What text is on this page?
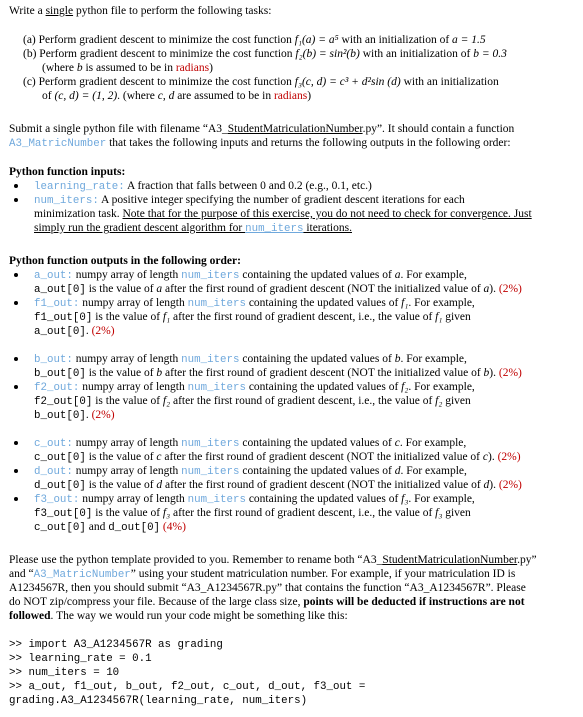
Write a single python file to perform the following tasks:
(a) Perform gradient descent to minimize the cost function f₁(a) = a⁵ with an initialization of a = 1.5
(b) Perform gradient descent to minimize the cost function f₂(b) = sin²(b) with an initialization of b = 0.3
(where b is assumed to be in radians)
(c) Perform gradient descent to minimize the cost function f₃(c, d) = c³ + d²sin (d) with an initialization
of (c, d) = (1, 2). (where c, d are assumed to be in radians)
Submit a single python file with filename “A3_StudentMatriculationNumber.py”. It should contain a function
A3_MatricNumber that takes the following inputs and returns the following outputs in the following order:
Python function inputs:
learning_rate: A fraction that falls between 0 and 0.2 (e.g., 0.1, etc.)
num_iters: A positive integer specifying the number of gradient descent iterations for each
minimization task. Note that for the purpose of this exercise, you do not need to check for convergence. Just
simply run the gradient descent algorithm for num_iters iterations.
Python function outputs in the following order:
a_out: numpy array of length num_iters containing the updated values of a. For example,
a_out[0] is the value of a after the first round of gradient descent (NOT the initialized value of a). (2%)
f1_out: numpy array of length num_iters containing the updated values of f₁. For example,
f1_out[0] is the value of f₁ after the first round of gradient descent, i.e., the value of f₁ given
a_out[0]. (2%)
b_out: numpy array of length num_iters containing the updated values of b. For example,
b_out[0] is the value of b after the first round of gradient descent (NOT the initialized value of b). (2%)
f2_out: numpy array of length num_iters containing the updated values of f₂. For example,
f2_out[0] is the value of f₂ after the first round of gradient descent, i.e., the value of f₂ given
b_out[0]. (2%)
c_out: numpy array of length num_iters containing the updated values of c. For example,
c_out[0] is the value of c after the first round of gradient descent (NOT the initialized value of c). (2%)
d_out: numpy array of length num_iters containing the updated values of d. For example,
d_out[0] is the value of d after the first round of gradient descent (NOT the initialized value of d). (2%)
f3_out: numpy array of length num_iters containing the updated values of f₃. For example,
f3_out[0] is the value of f₃ after the first round of gradient descent, i.e., the value of f₃ given
c_out[0] and d_out[0] (4%)
Please use the python template provided to you. Remember to rename both “A3_StudentMatriculationNumber.py”
and “A3_MatricNumber” using your student matriculation number. For example, if your matriculation ID is
A1234567R, then you should submit “A3_A1234567R.py” that contains the function “A3_A1234567R”. Please
do NOT zip/compress your file. Because of the large class size, points will be deducted if instructions are not
followed. The way we would run your code might be something like this:
>> import A3_A1234567R as grading
>> learning_rate = 0.1
>> num_iters = 10
>> a_out, f1_out, b_out, f2_out, c_out, d_out, f3_out =
grading.A3_A1234567R(learning_rate, num_iters)
